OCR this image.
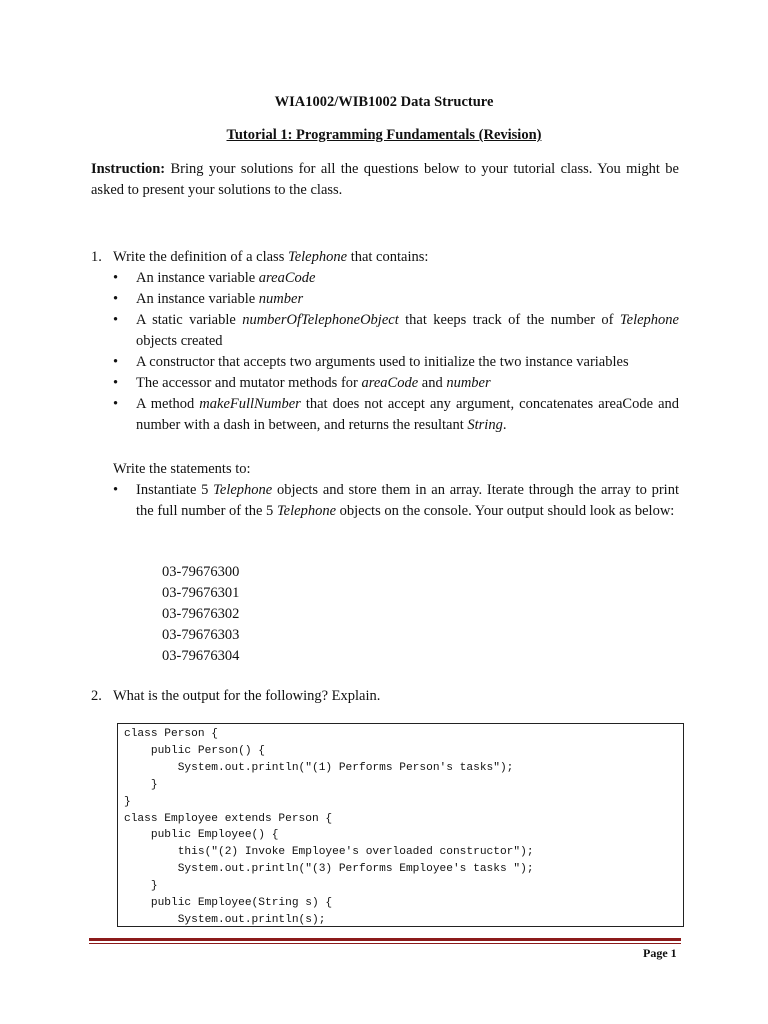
WIA1002/WIB1002 Data Structure
Tutorial 1: Programming Fundamentals (Revision)
Instruction: Bring your solutions for all the questions below to your tutorial class. You might be asked to present your solutions to the class.
1. Write the definition of a class Telephone that contains:
• An instance variable areaCode
• An instance variable number
• A static variable numberOfTelephoneObject that keeps track of the number of Telephone objects created
• A constructor that accepts two arguments used to initialize the two instance variables
• The accessor and mutator methods for areaCode and number
• A method makeFullNumber that does not accept any argument, concatenates areaCode and number with a dash in between, and returns the resultant String.
Write the statements to:
• Instantiate 5 Telephone objects and store them in an array. Iterate through the array to print the full number of the 5 Telephone objects on the console. Your output should look as below:
03-79676300
03-79676301
03-79676302
03-79676303
03-79676304
2. What is the output for the following? Explain.
class Person {
public Person() {
System.out.println("(1) Performs Person's tasks");
}
}
class Employee extends Person {
public Employee() {
this("(2) Invoke Employee's overloaded constructor");
System.out.println("(3) Performs Employee's tasks ");
}
public Employee(String s) {
System.out.println(s);
Page 1
